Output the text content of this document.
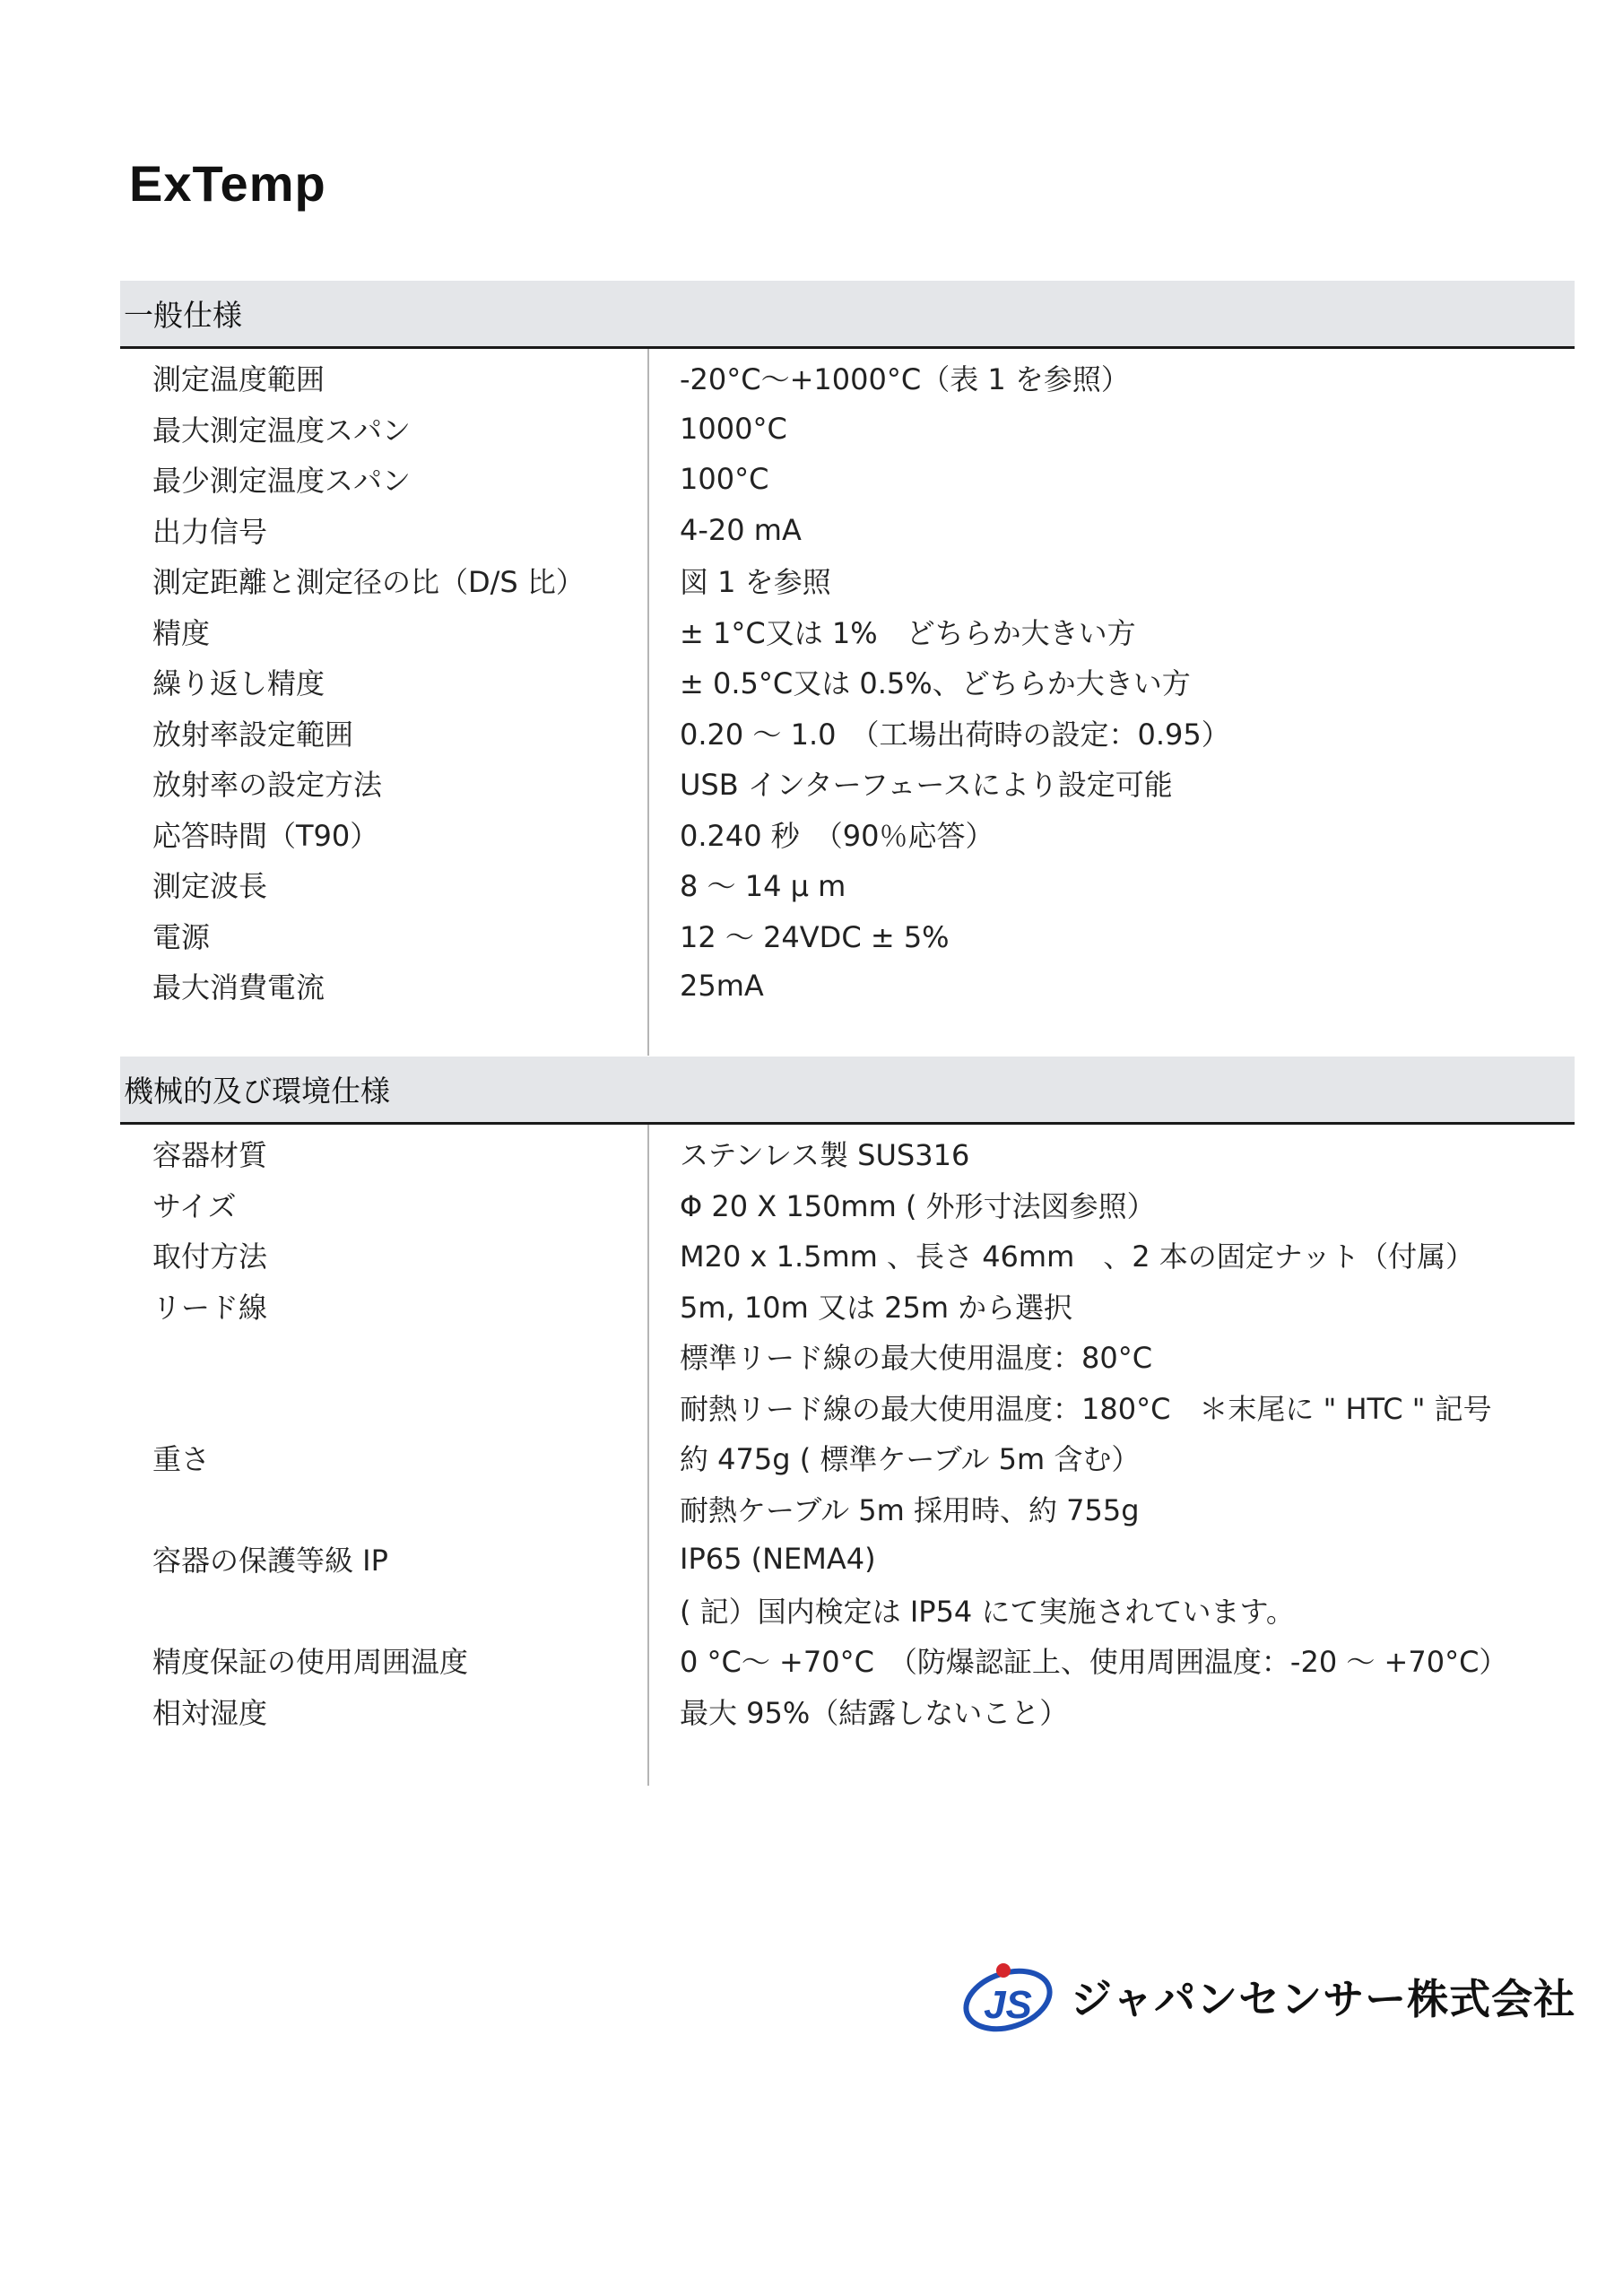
ExTemp
一般仕様
測定温度範囲	-20°C～+1000°C（表 1 を参照）
最大測定温度スパン	1000°C
最少測定温度スパン	100°C
出力信号	4-20 mA
測定距離と測定径の比（D/S 比）	図 1 を参照
精度	± 1°C又は 1%　どちらか大きい方
繰り返し精度	± 0.5°C又は 0.5%、どちらか大きい方
放射率設定範囲	0.20 ～ 1.0　（工場出荷時の設定：0.95）
放射率の設定方法	USB インターフェースにより設定可能
応答時間（T90）	0.240 秒　（90％応答）
測定波長	8 ～ 14 μ m
電源	12 ～ 24VDC ± 5%
最大消費電流	25mA
機械的及び環境仕様
容器材質	ステンレス製 SUS316
サイズ	Φ 20 X 150mm ( 外形寸法図参照）
取付方法	M20 x 1.5mm 、長さ 46mm　、2 本の固定ナット（付属）
リード線	5m, 10m 又は 25m から選択
標準リード線の最大使用温度：80°C
耐熱リード線の最大使用温度：180°C　＊末尾に " HTC " 記号
重さ	約 475g ( 標準ケーブル 5m 含む）
耐熱ケーブル 5m 採用時、約 755g
容器の保護等級 IP	IP65 (NEMA4)
( 記）国内検定は IP54 にて実施されています。
精度保証の使用周囲温度	0 °C～ +70°C　（防爆認証上、使用周囲温度：-20 ～ +70°C）
相対湿度	最大 95%（結露しないこと）
JS ジャパンセンサー株式会社
